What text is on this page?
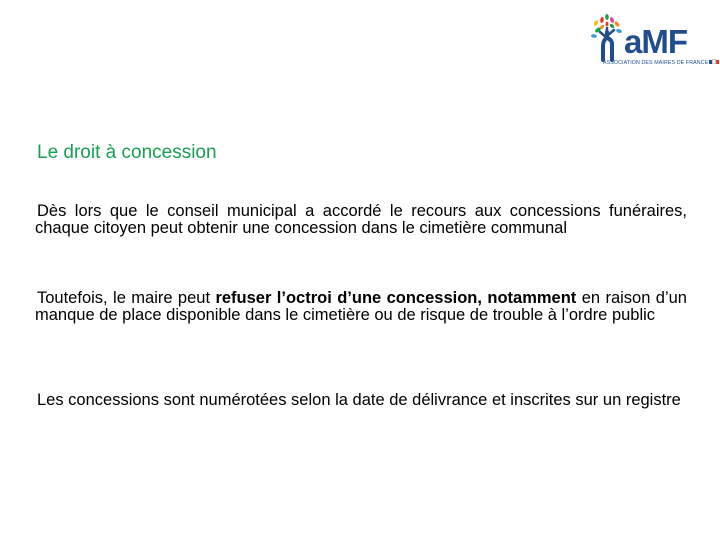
aMF
ASSOCIATION DES MAIRES DE FRANCE
Le droit à concession

Dès lors que le conseil municipal a accordé le recours aux concessions funéraires, chaque citoyen peut obtenir une concession dans le cimetière communal

Toutefois, le maire peut refuser l’octroi d’une concession, notamment en raison d’un manque de place disponible dans le cimetière ou de risque de trouble à l’ordre public

Les concessions sont numérotées selon la date de délivrance et inscrites sur un registre
